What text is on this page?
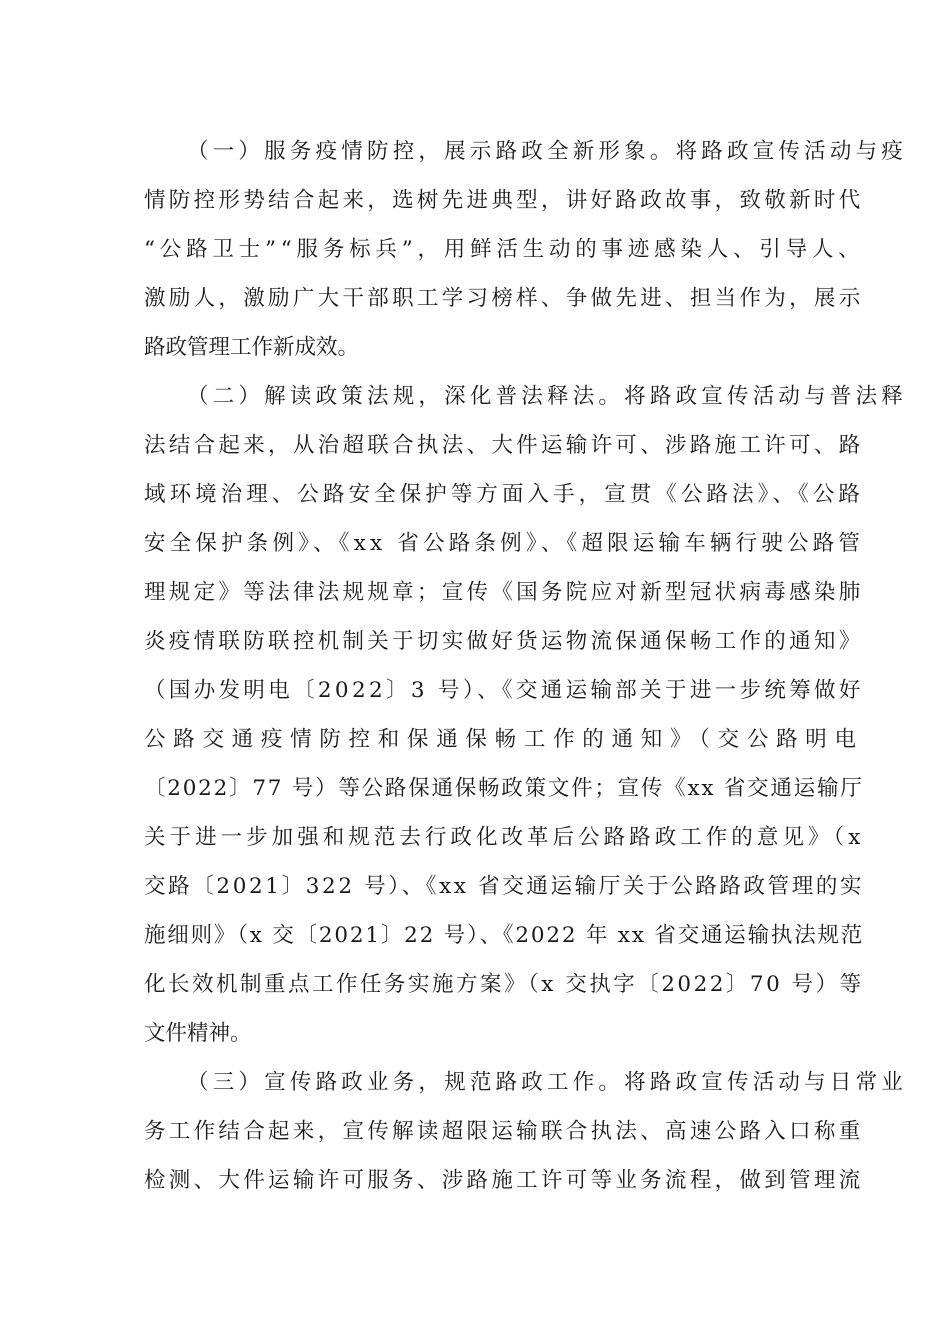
（一）服务疫情防控，展示路政全新形象。将路政宣传活动与疫
情防控形势结合起来，选树先进典型，讲好路政故事，致敬新时代
“公路卫士”“服务标兵”，用鲜活生动的事迹感染人、引导人、
激励人，激励广大干部职工学习榜样、争做先进、担当作为，展示
路政管理工作新成效。
（二）解读政策法规，深化普法释法。将路政宣传活动与普法释
法结合起来，从治超联合执法、大件运输许可、涉路施工许可、路
域环境治理、公路安全保护等方面入手，宣贯《公路法》、《公路
安全保护条例》、《xx 省公路条例》、《超限运输车辆行驶公路管
理规定》等法律法规规章；宣传《国务院应对新型冠状病毒感染肺
炎疫情联防联控机制关于切实做好货运物流保通保畅工作的通知》
（国办发明电〔2022〕3 号）、《交通运输部关于进一步统筹做好
公路交通疫情防控和保通保畅工作的通知》（交公路明电
〔2022〕77 号）等公路保通保畅政策文件；宣传《xx 省交通运输厅
关于进一步加强和规范去行政化改革后公路路政工作的意见》（x
交路〔2021〕322 号）、《xx 省交通运输厅关于公路路政管理的实
施细则》（x 交〔2021〕22 号）、《2022 年 xx 省交通运输执法规范
化长效机制重点工作任务实施方案》（x 交执字〔2022〕70 号）等
文件精神。
（三）宣传路政业务，规范路政工作。将路政宣传活动与日常业
务工作结合起来，宣传解读超限运输联合执法、高速公路入口称重
检测、大件运输许可服务、涉路施工许可等业务流程，做到管理流
